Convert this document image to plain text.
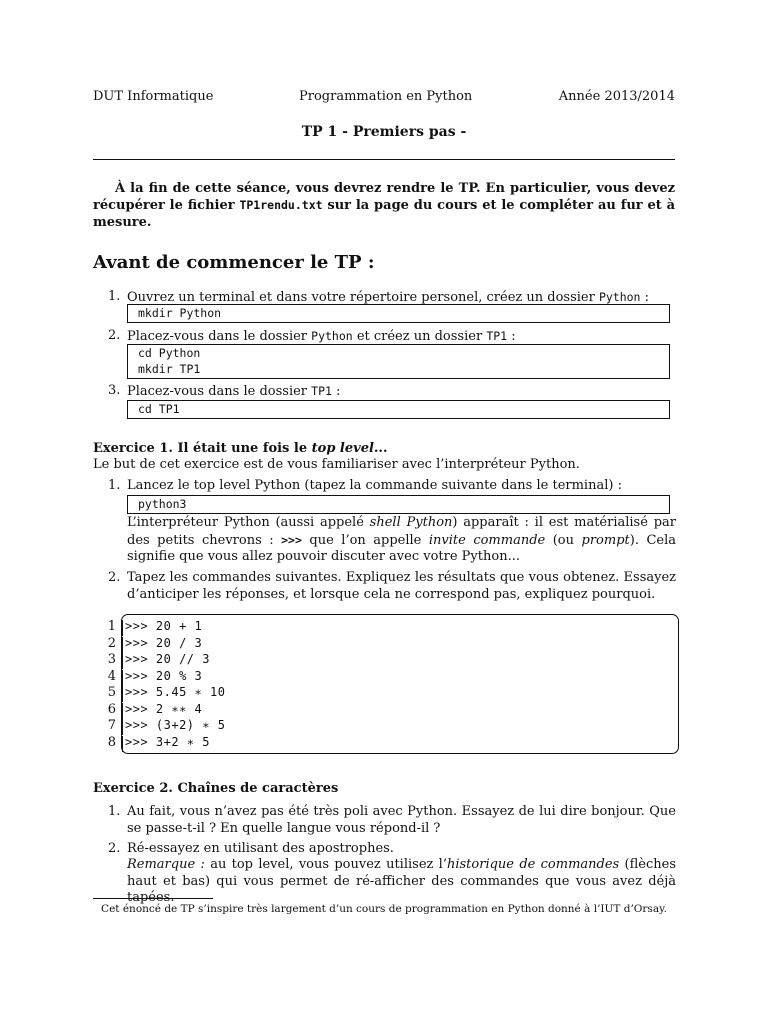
DUT Informatique	Programmation en Python	Année 2013/2014
TP 1 - Premiers pas -
À la fin de cette séance, vous devrez rendre le TP. En particulier, vous devez récupérer le fichier TP1rendu.txt sur la page du cours et le compléter au fur et à mesure.
Avant de commencer le TP :
1. Ouvrez un terminal et dans votre répertoire personel, créez un dossier Python :
mkdir Python
2. Placez-vous dans le dossier Python et créez un dossier TP1 :
cd Python
mkdir TP1
3. Placez-vous dans le dossier TP1 :
cd TP1
Exercice 1. Il était une fois le top level...
Le but de cet exercice est de vous familiariser avec l’interpréteur Python.
1. Lancez le top level Python (tapez la commande suivante dans le terminal) :
python3
L’interpréteur Python (aussi appelé shell Python) apparaît : il est matérialisé par des petits chevrons : >>> que l’on appelle invite commande (ou prompt). Cela signifie que vous allez pouvoir discuter avec votre Python...
2. Tapez les commandes suivantes. Expliquez les résultats que vous obtenez. Essayez d’anticiper les réponses, et lorsque cela ne correspond pas, expliquez pourquoi.
1 >>> 20 + 1
2 >>> 20 / 3
3 >>> 20 // 3
4 >>> 20 % 3
5 >>> 5.45 ∗ 10
6 >>> 2 ∗∗ 4
7 >>> (3+2) ∗ 5
8 >>> 3+2 ∗ 5
Exercice 2. Chaînes de caractères
1. Au fait, vous n’avez pas été très poli avec Python. Essayez de lui dire bonjour. Que se passe-t-il ? En quelle langue vous répond-il ?
2. Ré-essayez en utilisant des apostrophes.
Remarque : au top level, vous pouvez utilisez l’historique de commandes (flèches haut et bas) qui vous permet de ré-afficher des commandes que vous avez déjà tapées.
Cet énoncé de TP s’inspire très largement d’un cours de programmation en Python donné à l’IUT d’Orsay.
